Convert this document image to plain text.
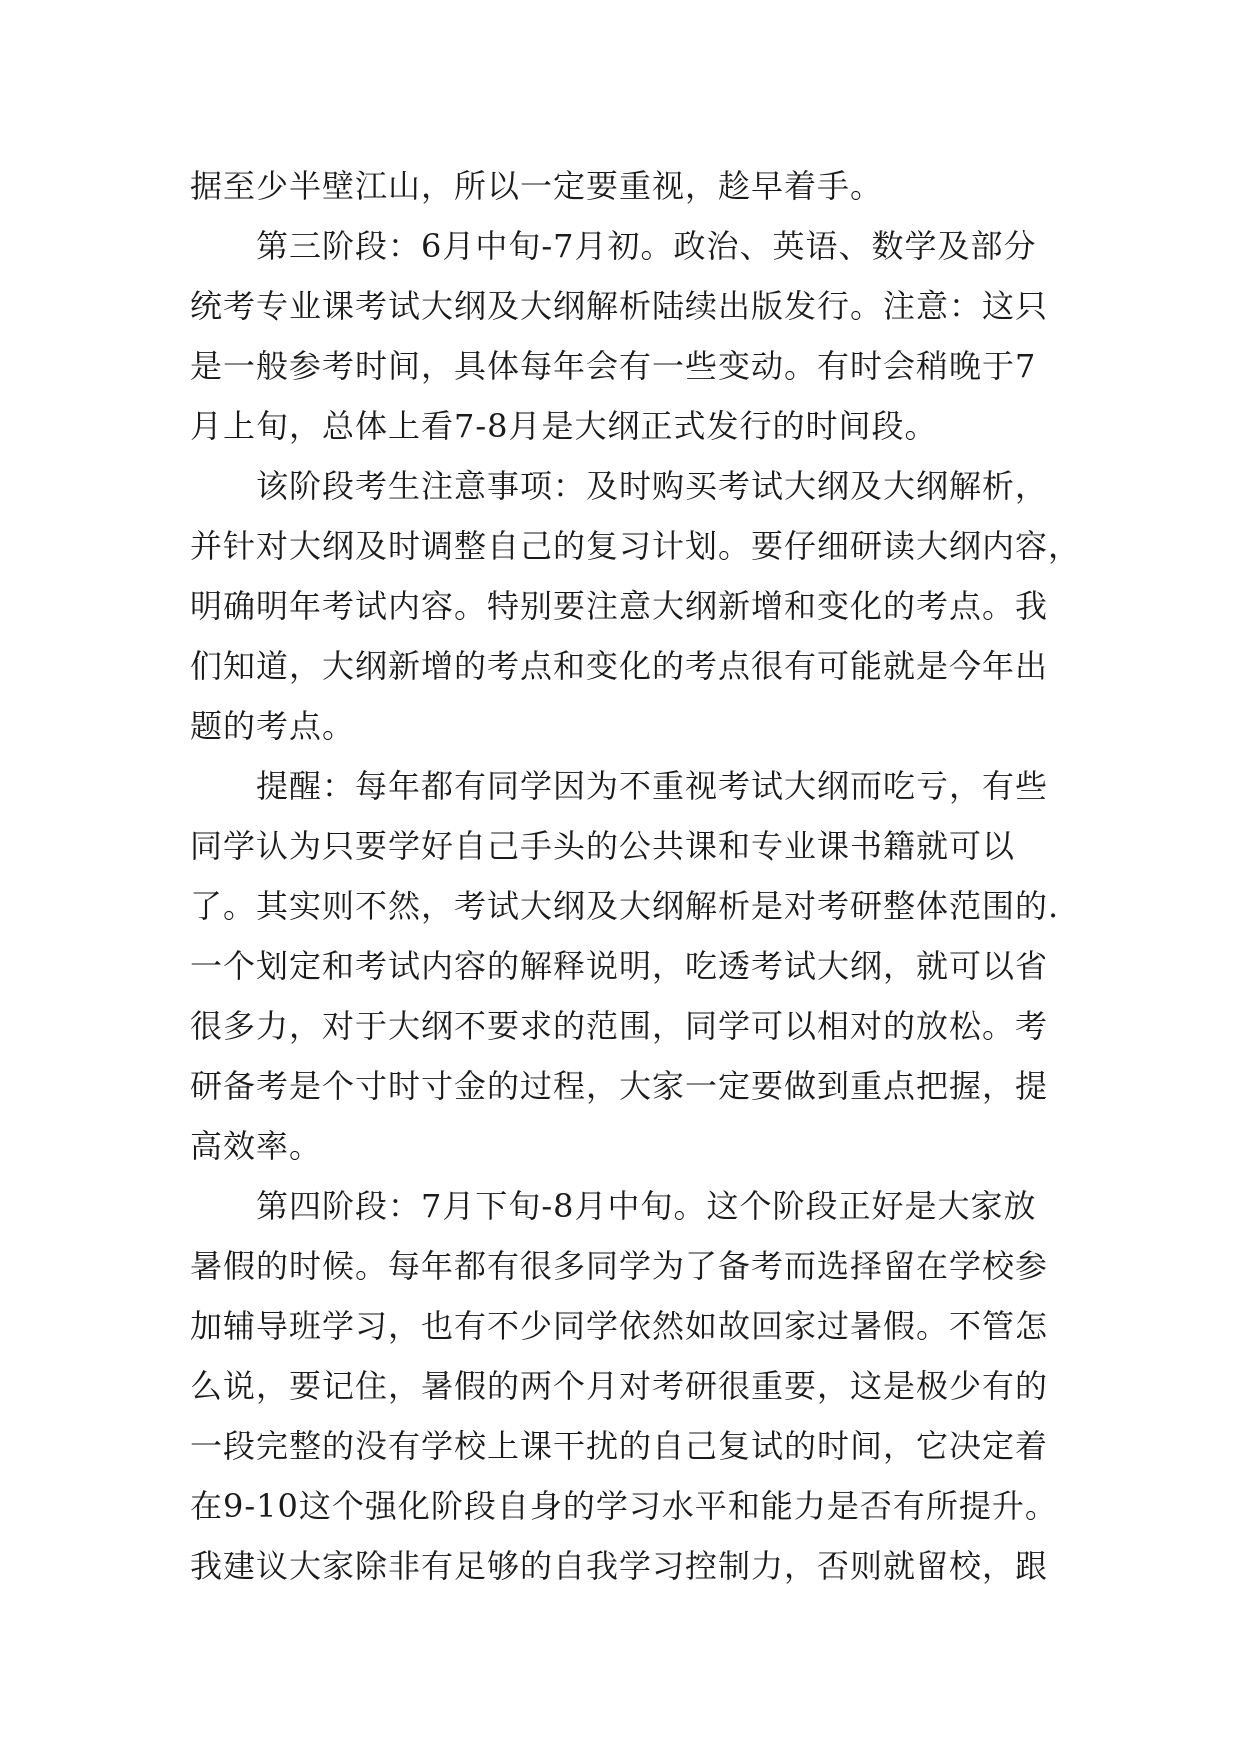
据至少半壁江山，所以一定要重视，趁早着手。
第三阶段：6月中旬-7月初。政治、英语、数学及部分
统考专业课考试大纲及大纲解析陆续出版发行。注意：这只
是一般参考时间，具体每年会有一些变动。有时会稍晚于7
月上旬，总体上看7-8月是大纲正式发行的时间段。
该阶段考生注意事项：及时购买考试大纲及大纲解析，
并针对大纲及时调整自己的复习计划。要仔细研读大纲内容，
明确明年考试内容。特别要注意大纲新增和变化的考点。我
们知道，大纲新增的考点和变化的考点很有可能就是今年出
题的考点。
提醒：每年都有同学因为不重视考试大纲而吃亏，有些
同学认为只要学好自己手头的公共课和专业课书籍就可以
了。其实则不然，考试大纲及大纲解析是对考研整体范围的.
一个划定和考试内容的解释说明，吃透考试大纲，就可以省
很多力，对于大纲不要求的范围，同学可以相对的放松。考
研备考是个寸时寸金的过程，大家一定要做到重点把握，提
高效率。
第四阶段：7月下旬-8月中旬。这个阶段正好是大家放
暑假的时候。每年都有很多同学为了备考而选择留在学校参
加辅导班学习，也有不少同学依然如故回家过暑假。不管怎
么说，要记住，暑假的两个月对考研很重要，这是极少有的
一段完整的没有学校上课干扰的自己复试的时间，它决定着
在9-10这个强化阶段自身的学习水平和能力是否有所提升。
我建议大家除非有足够的自我学习控制力，否则就留校，跟
